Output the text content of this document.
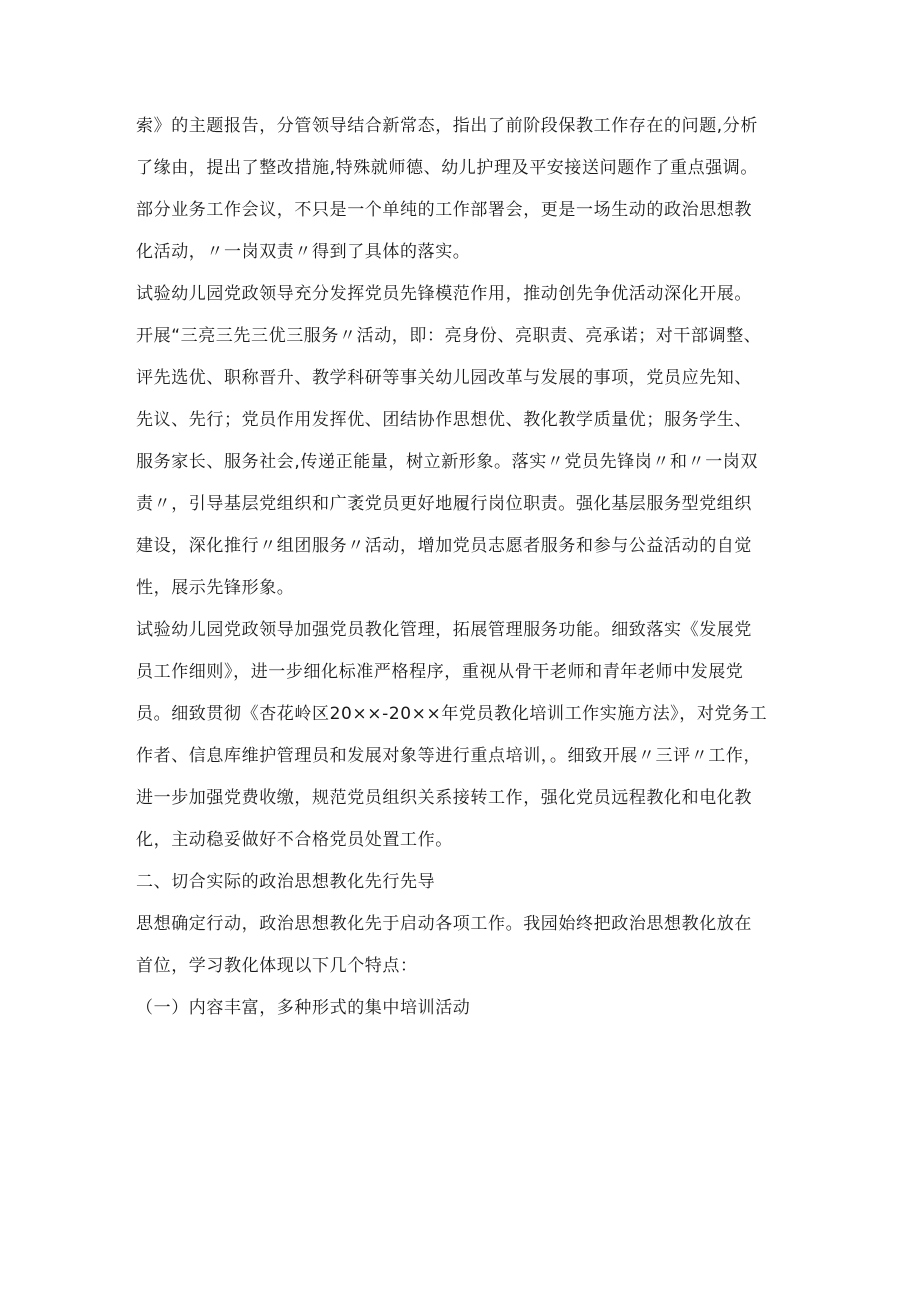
索》的主题报告，分管领导结合新常态，指出了前阶段保教工作存在的问题,分析
了缘由，提出了整改措施,特殊就师德、幼儿护理及平安接送问题作了重点强调。
部分业务工作会议，不只是一个单纯的工作部署会，更是一场生动的政治思想教
化活动，〃一岗双责〃得到了具体的落实。
试验幼儿园党政领导充分发挥党员先锋模范作用，推动创先争优活动深化开展。
开展“三亮三先三优三服务〃活动，即：亮身份、亮职责、亮承诺；对干部调整、
评先选优、职称晋升、教学科研等事关幼儿园改革与发展的事项，党员应先知、
先议、先行；党员作用发挥优、团结协作思想优、教化教学质量优；服务学生、
服务家长、服务社会,传递正能量，树立新形象。落实〃党员先锋岗〃和〃一岗双
责〃，引导基层党组织和广袤党员更好地履行岗位职责。强化基层服务型党组织
建设，深化推行〃组团服务〃活动，增加党员志愿者服务和参与公益活动的自觉
性，展示先锋形象。
试验幼儿园党政领导加强党员教化管理，拓展管理服务功能。细致落实《发展党
员工作细则》，进一步细化标准严格程序，重视从骨干老师和青年老师中发展党
员。细致贯彻《杏花岭区20××-20××年党员教化培训工作实施方法》，对党务工
作者、信息库维护管理员和发展对象等进行重点培训，。细致开展〃三评〃工作，
进一步加强党费收缴，规范党员组织关系接转工作，强化党员远程教化和电化教
化，主动稳妥做好不合格党员处置工作。
二、切合实际的政治思想教化先行先导
思想确定行动，政治思想教化先于启动各项工作。我园始终把政治思想教化放在
首位，学习教化体现以下几个特点：
（一）内容丰富，多种形式的集中培训活动
